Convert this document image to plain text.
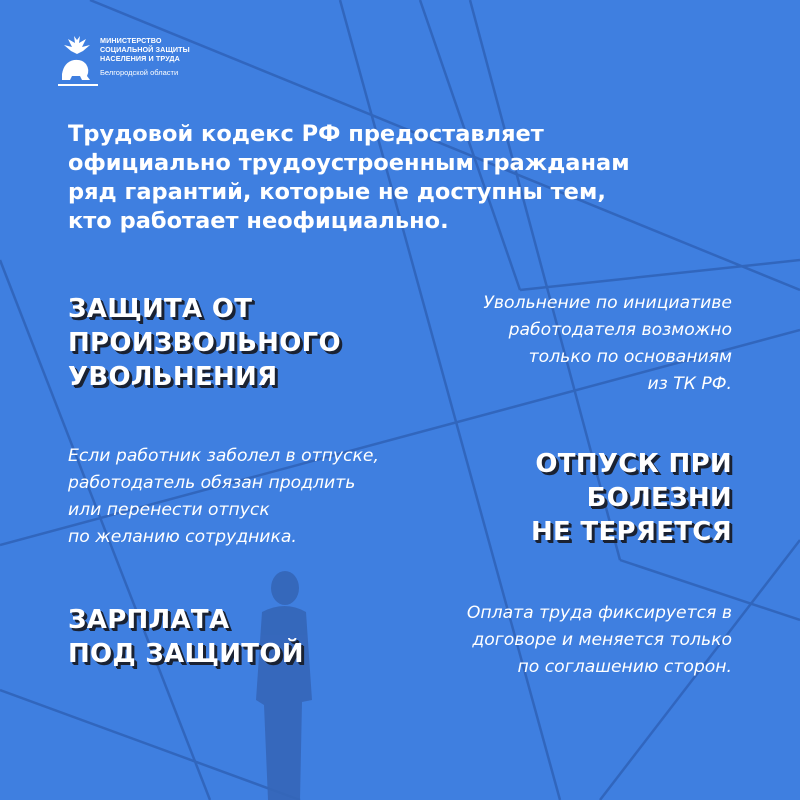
МИНИСТЕРСТВО
СОЦИАЛЬНОЙ ЗАЩИТЫ
НАСЕЛЕНИЯ И ТРУДА
Белгородской области
Трудовой кодекс РФ предоставляет
официально трудоустроенным гражданам
ряд гарантий, которые не доступны тем,
кто работает неофициально.
ЗАЩИТА ОТ
ПРОИЗВОЛЬНОГО
УВОЛЬНЕНИЯ
Увольнение по инициативе
работодателя возможно
только по основаниям
из ТК РФ.
Если работник заболел в отпуске,
работодатель обязан продлить
или перенести отпуск
по желанию сотрудника.
ОТПУСК ПРИ
БОЛЕЗНИ
НЕ ТЕРЯЕТСЯ
ЗАРПЛАТА
ПОД ЗАЩИТОЙ
Оплата труда фиксируется в
договоре и меняется только
по соглашению сторон.
